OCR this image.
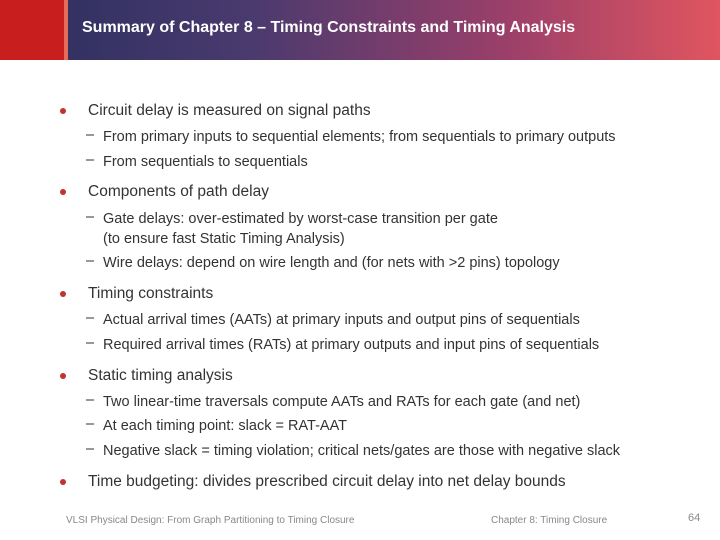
Summary of Chapter 8 – Timing Constraints and Timing Analysis
Circuit delay is measured on signal paths
– From primary inputs to sequential elements; from sequentials to primary outputs
– From sequentials to sequentials
Components of path delay
– Gate delays: over-estimated by worst-case transition per gate
(to ensure fast Static Timing Analysis)
– Wire delays: depend on wire length and (for nets with >2 pins) topology
Timing constraints
– Actual arrival times (AATs) at primary inputs and output pins of sequentials
– Required arrival times (RATs) at primary outputs and input pins of sequentials
Static timing analysis
– Two linear-time traversals compute AATs and RATs for each gate (and net)
– At each timing point: slack = RAT-AAT
– Negative slack = timing violation; critical nets/gates are those with negative slack
Time budgeting: divides prescribed circuit delay into net delay bounds
VLSI Physical Design: From Graph Partitioning to Timing Closure	Chapter 8: Timing Closure	64
